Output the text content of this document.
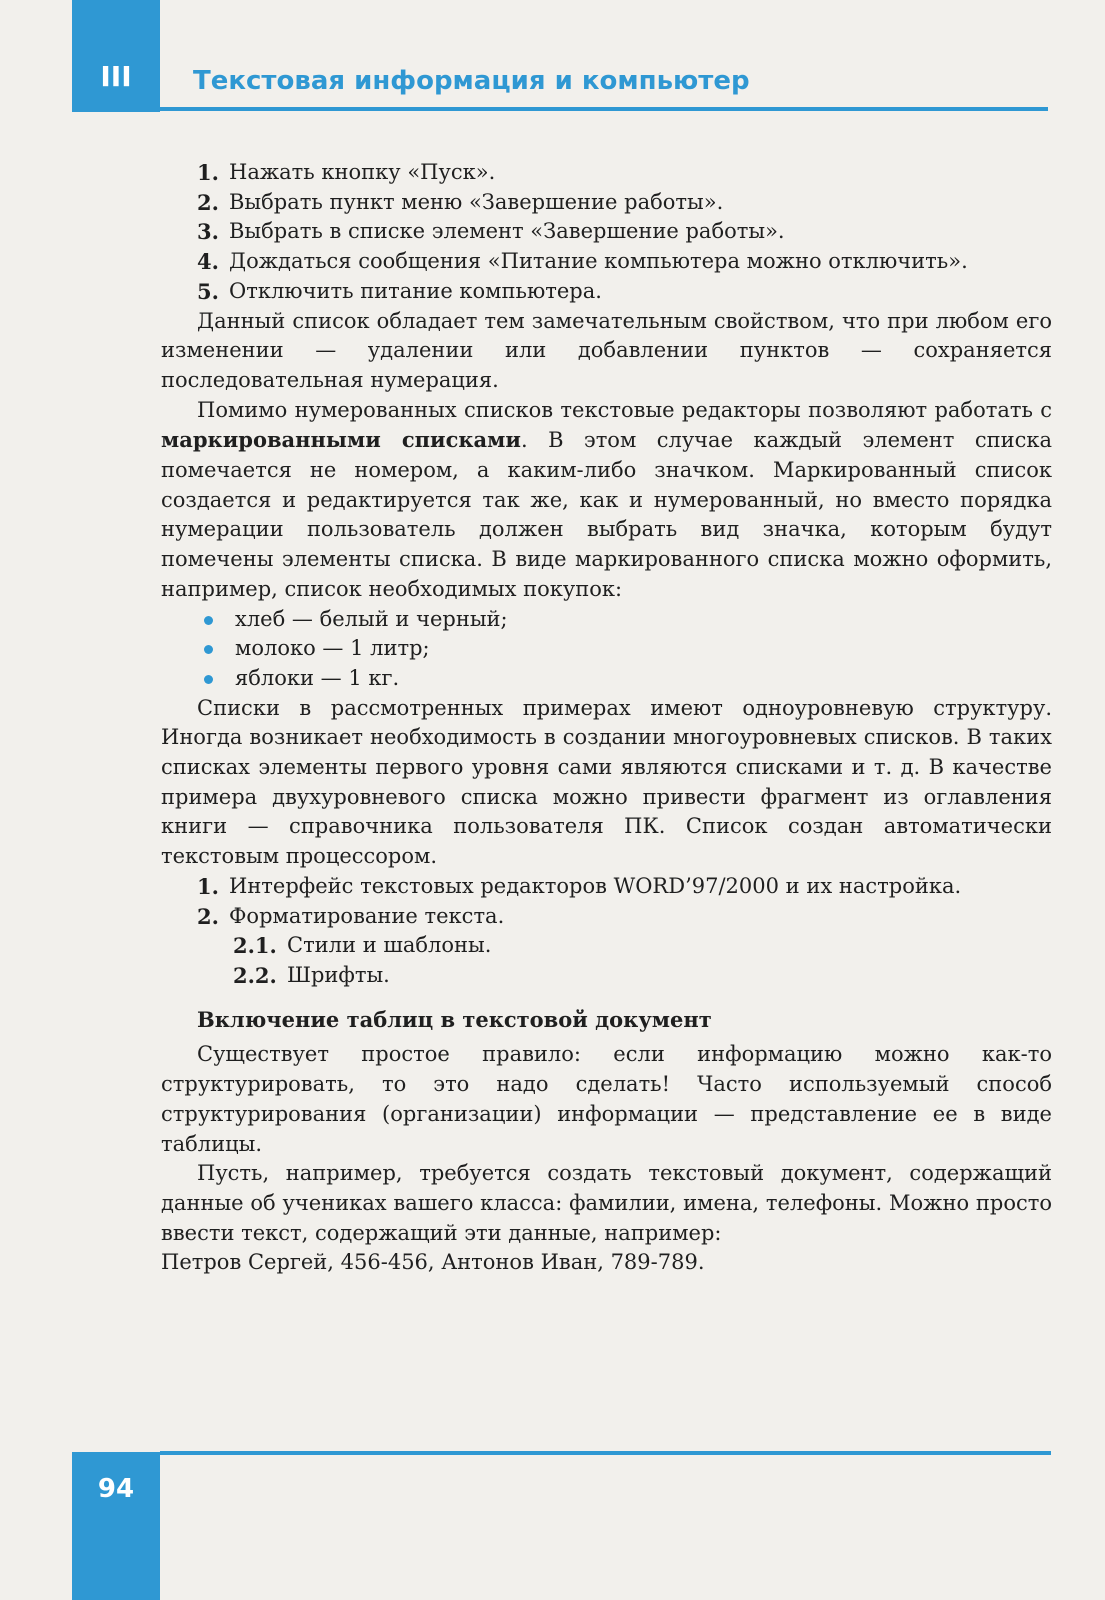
III	Текстовая информация и компьютер
1. Нажать кнопку «Пуск».
2. Выбрать пункт меню «Завершение работы».
3. Выбрать в списке элемент «Завершение работы».
4. Дождаться сообщения «Питание компьютера можно отключить».
5. Отключить питание компьютера.

Данный список обладает тем замечательным свойством, что при любом его изменении — удалении или добавлении пунктов — сохраняется последовательная нумерация.

Помимо нумерованных списков текстовые редакторы позволяют работать с маркированными списками. В этом случае каждый элемент списка помечается не номером, а каким-либо значком. Маркированный список создается и редактируется так же, как и нумерованный, но вместо порядка нумерации пользователь должен выбрать вид значка, которым будут помечены элементы списка. В виде маркированного списка можно оформить, например, список необходимых покупок:

хлеб — белый и черный;
молоко — 1 литр;
яблоки — 1 кг.

Списки в рассмотренных примерах имеют одноуровневую структуру. Иногда возникает необходимость в создании многоуровневых списков. В таких списках элементы первого уровня сами являются списками и т. д. В качестве примера двухуровневого списка можно привести фрагмент из оглавления книги — справочника пользователя ПК. Список создан автоматически текстовым процессором.

1. Интерфейс текстовых редакторов WORD’97/2000 и их настройка.
2. Форматирование текста.
2.1. Стили и шаблоны.
2.2. Шрифты.
Включение таблиц в текстовой документ

Существует простое правило: если информацию можно как-то структурировать, то это надо сделать! Часто используемый способ структурирования (организации) информации — представление ее в виде таблицы.

Пусть, например, требуется создать текстовый документ, содержащий данные об учениках вашего класса: фамилии, имена, телефоны. Можно просто ввести текст, содержащий эти данные, например:

Петров Сергей, 456-456, Антонов Иван, 789-789.

94
